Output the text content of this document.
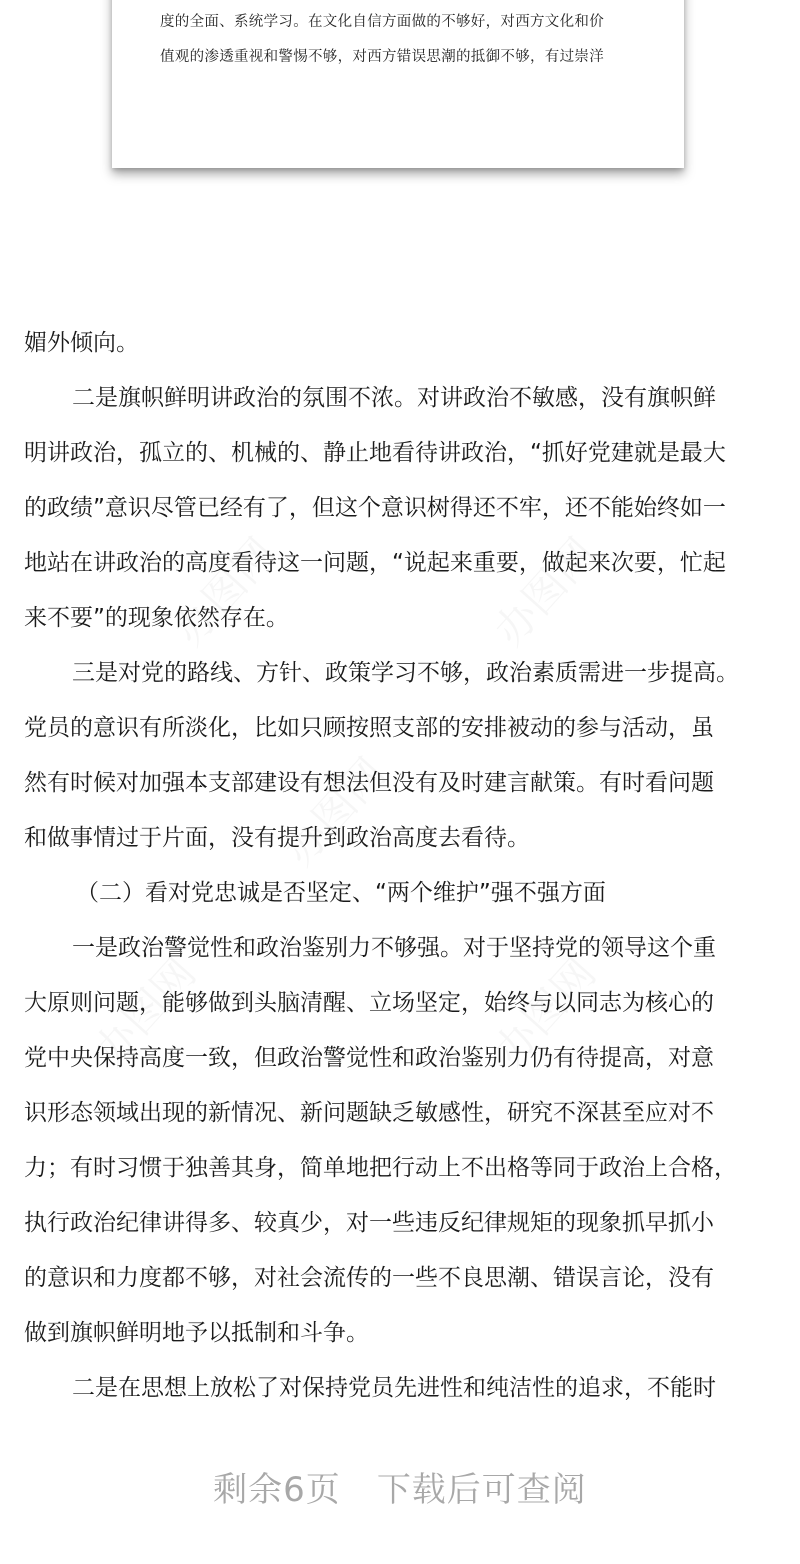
度的全面、系统学习。在文化自信方面做的不够好，对西方文化和价
值观的渗透重视和警惕不够，对西方错误思潮的抵御不够，有过崇洋
媚外倾向。
二是旗帜鲜明讲政治的氛围不浓。对讲政治不敏感，没有旗帜鲜
明讲政治，孤立的、机械的、静止地看待讲政治，“抓好党建就是最大
的政绩”意识尽管已经有了，但这个意识树得还不牢，还不能始终如一
地站在讲政治的高度看待这一问题，“说起来重要，做起来次要，忙起
来不要”的现象依然存在。
三是对党的路线、方针、政策学习不够，政治素质需进一步提高。
党员的意识有所淡化，比如只顾按照支部的安排被动的参与活动，虽
然有时候对加强本支部建设有想法但没有及时建言献策。有时看问题
和做事情过于片面，没有提升到政治高度去看待。
（二）看对党忠诚是否坚定、“两个维护”强不强方面
一是政治警觉性和政治鉴别力不够强。对于坚持党的领导这个重
大原则问题，能够做到头脑清醒、立场坚定，始终与以同志为核心的
党中央保持高度一致，但政治警觉性和政治鉴别力仍有待提高，对意
识形态领域出现的新情况、新问题缺乏敏感性，研究不深甚至应对不
力；有时习惯于独善其身，简单地把行动上不出格等同于政治上合格，
执行政治纪律讲得多、较真少，对一些违反纪律规矩的现象抓早抓小
的意识和力度都不够，对社会流传的一些不良思潮、错误言论，没有
做到旗帜鲜明地予以抵制和斗争。
二是在思想上放松了对保持党员先进性和纯洁性的追求，不能时
剩余6页 下载后可查阅
